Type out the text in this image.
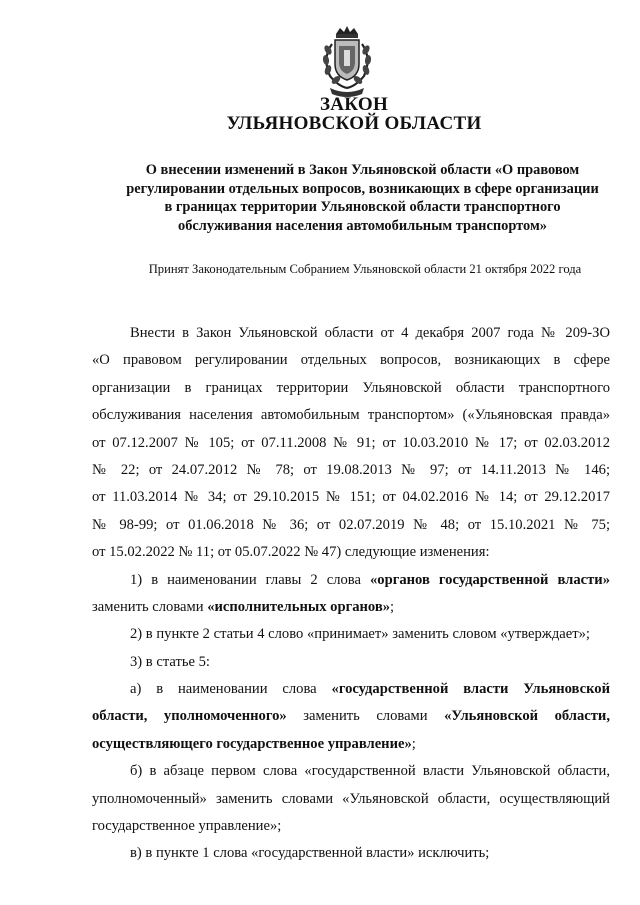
ЗАКОН
УЛЬЯНОВСКОЙ ОБЛАСТИ
О внесении изменений в Закон Ульяновской области «О правовом
регулировании отдельных вопросов, возникающих в сфере организации
в границах территории Ульяновской области транспортного
обслуживания населения автомобильным транспортом»
Принят Законодательным Собранием Ульяновской области 21 октября 2022 года
Внести в Закон Ульяновской области от 4 декабря 2007 года № 209-ЗО
«О правовом регулировании отдельных вопросов, возникающих в сфере
организации в границах территории Ульяновской области транспортного
обслуживания населения автомобильным транспортом» («Ульяновская правда»
от 07.12.2007 № 105; от 07.11.2008 № 91; от 10.03.2010 № 17; от 02.03.2012
№ 22; от 24.07.2012 № 78; от 19.08.2013 № 97; от 14.11.2013 № 146;
от 11.03.2014 № 34; от 29.10.2015 № 151; от 04.02.2016 № 14; от 29.12.2017
№ 98-99; от 01.06.2018 № 36; от 02.07.2019 № 48; от 15.10.2021 № 75;
от 15.02.2022 № 11; от 05.07.2022 № 47) следующие изменения:
1) в наименовании главы 2 слова «органов государственной власти»
заменить словами «исполнительных органов»;
2) в пункте 2 статьи 4 слово «принимает» заменить словом «утверждает»;
3) в статье 5:
а) в наименовании слова «государственной власти Ульяновской
области, уполномоченного» заменить словами «Ульяновской области,
осуществляющего государственное управление»;
б) в абзаце первом слова «государственной власти Ульяновской области,
уполномоченный» заменить словами «Ульяновской области, осуществляющий
государственное управление»;
в) в пункте 1 слова «государственной власти» исключить;
